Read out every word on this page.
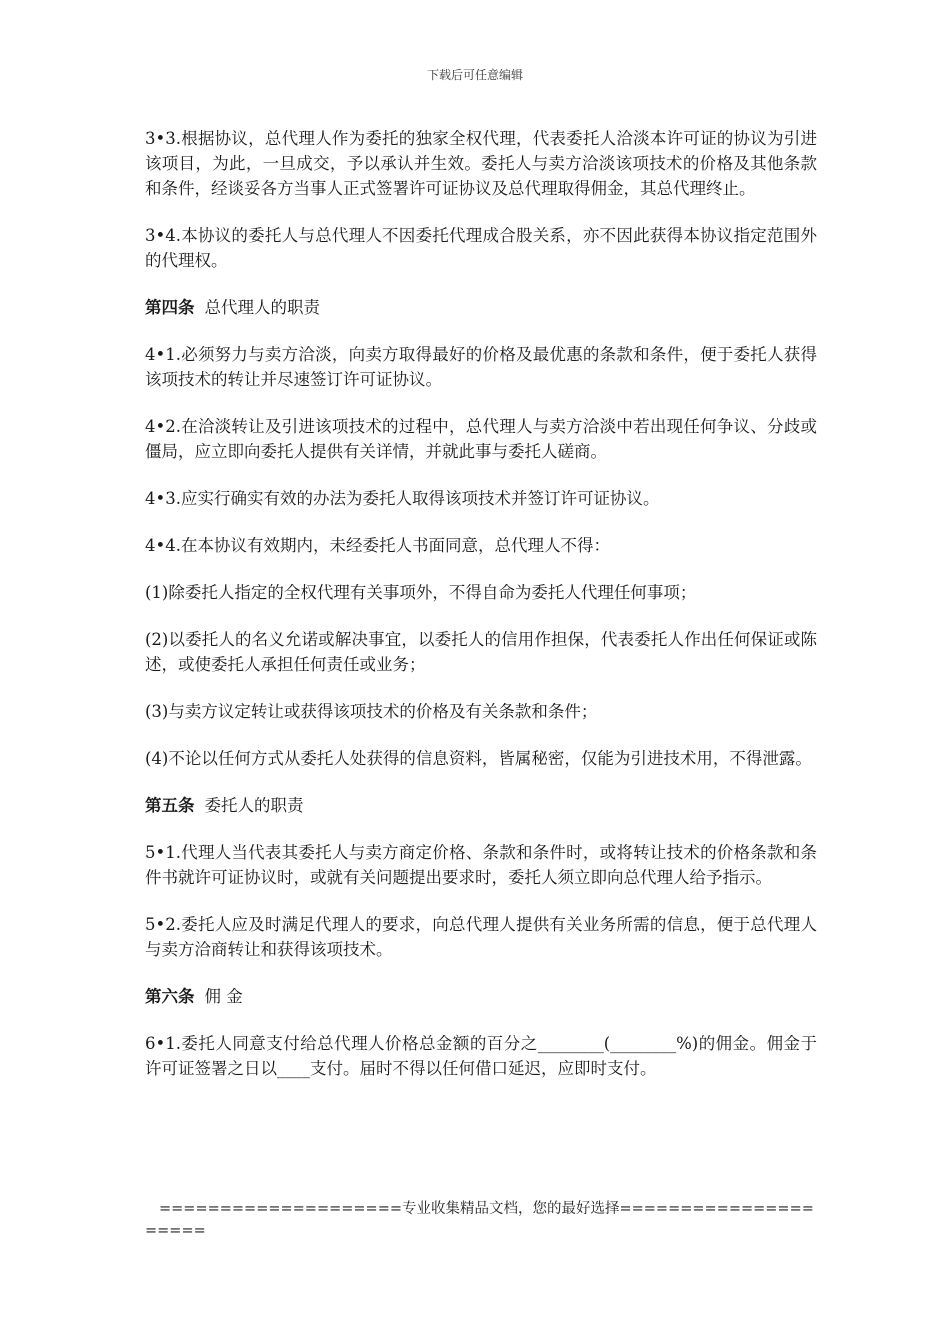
下载后可任意编辑

3•3.根据协议，总代理人作为委托的独家全权代理，代表委托人洽淡本许可证的协议为引进该项目，为此，一旦成交，予以承认并生效。委托人与卖方洽淡该项技术的价格及其他条款和条件，经谈妥各方当事人正式签署许可证协议及总代理取得佣金，其总代理终止。

3•4.本协议的委托人与总代理人不因委托代理成合股关系，亦不因此获得本协议指定范围外的代理权。

第四条 总代理人的职责

4•1.必须努力与卖方洽淡，向卖方取得最好的价格及最优惠的条款和条件，便于委托人获得该项技术的转让并尽速签订许可证协议。

4•2.在洽淡转让及引进该项技术的过程中，总代理人与卖方洽淡中若出现任何争议、分歧或僵局，应立即向委托人提供有关详情，并就此事与委托人磋商。

4•3.应实行确实有效的办法为委托人取得该项技术并签订许可证协议。

4•4.在本协议有效期内，未经委托人书面同意，总代理人不得：

(1)除委托人指定的全权代理有关事项外，不得自命为委托人代理任何事项；

(2)以委托人的名义允诺或解决事宜，以委托人的信用作担保，代表委托人作出任何保证或陈述，或使委托人承担任何责任或业务；

(3)与卖方议定转让或获得该项技术的价格及有关条款和条件；

(4)不论以任何方式从委托人处获得的信息资料，皆属秘密，仅能为引进技术用，不得泄露。

第五条 委托人的职责

5•1.代理人当代表其委托人与卖方商定价格、条款和条件时，或将转让技术的价格条款和条件书就许可证协议时，或就有关问题提出要求时，委托人须立即向总代理人给予指示。

5•2.委托人应及时满足代理人的要求，向总代理人提供有关业务所需的信息，便于总代理人与卖方洽商转让和获得该项技术。

第六条 佣 金

6•1.委托人同意支付给总代理人价格总金额的百分之________(________%)的佣金。佣金于许可证签署之日以____支付。届时不得以任何借口延迟，应即时支付。

====================专业收集精品文档，您的最好选择=====================
